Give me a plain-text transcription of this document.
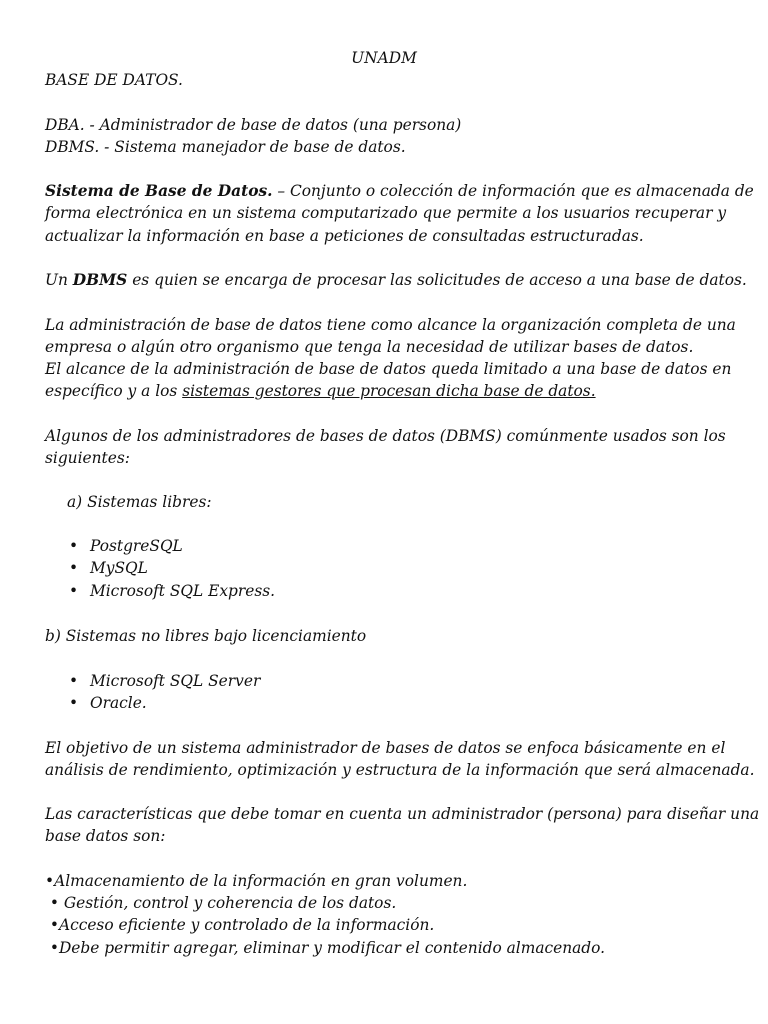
UNADM
BASE DE DATOS.
DBA. - Administrador de base de datos (una persona)
DBMS. - Sistema manejador de base de datos.
Sistema de Base de Datos. – Conjunto o colección de información que es almacenada de
forma electrónica en un sistema computarizado que permite a los usuarios recuperar y
actualizar la información en base a peticiones de consultadas estructuradas.
Un DBMS es quien se encarga de procesar las solicitudes de acceso a una base de datos.
La administración de base de datos tiene como alcance la organización completa de una
empresa o algún otro organismo que tenga la necesidad de utilizar bases de datos.
El alcance de la administración de base de datos queda limitado a una base de datos en
específico y a los sistemas gestores que procesan dicha base de datos.
Algunos de los administradores de bases de datos (DBMS) comúnmente usados son los
siguientes:
a) Sistemas libres:
• PostgreSQL
• MySQL
• Microsoft SQL Express.
b) Sistemas no libres bajo licenciamiento
• Microsoft SQL Server
• Oracle.
El objetivo de un sistema administrador de bases de datos se enfoca básicamente en el
análisis de rendimiento, optimización y estructura de la información que será almacenada.
Las características que debe tomar en cuenta un administrador (persona) para diseñar una
base datos son:
•Almacenamiento de la información en gran volumen.
• Gestión, control y coherencia de los datos.
•Acceso eficiente y controlado de la información.
•Debe permitir agregar, eliminar y modificar el contenido almacenado.
